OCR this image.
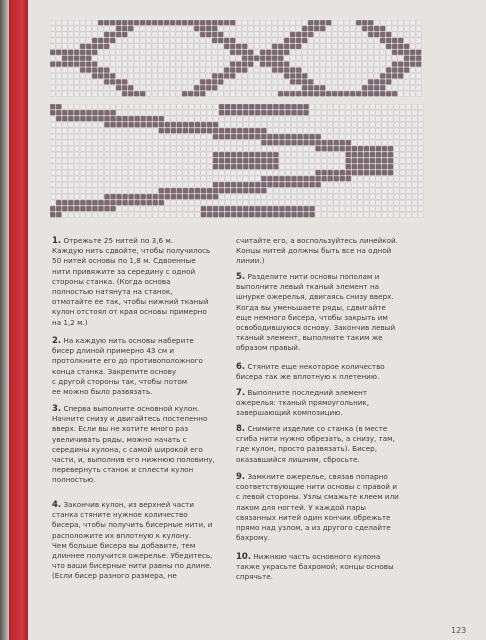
1. Отрежьте 25 нитей по 3,6 м.
Каждую нить сдвойте, чтобы получилось
50 нитей основы по 1,8 м. Сдвоенные
нити привяжите за середину с одной
стороны станка. (Когда основа
полностью натянута на станок,
отмотайте ее так, чтобы нижний тканый
кулон отстоял от края основы примерно
на 1,2 м.)

2. На каждую нить основы наберите
бисер длиной примерно 43 см и
протолкните его до противоположного
конца станка. Закрепите основу
с другой стороны так, чтобы потом
ее можно было развязать.

3. Сперва выполните основной кулон.
Начните снизу и двигайтесь постепенно
вверх. Если вы не хотите много раз
увеличивать ряды, можно начать с
середины кулона, с самой широкой его
части, и, выполнив его нижнюю половину,
перевернуть станок и сплести кулон
полностью.

4. Закончив кулон, из верхней части
станка стяните нужное количество
бисера, чтобы получить бисерные нити, и
расположите их вплотную к кулону.
Чем больше бисера вы добавите, тем
длиннее получится ожерелье. Убедитесь,
что ваши бисерные нити равны по длине.
(Если бисер разного размера, не

считайте его, а воспользуйтесь линейкой.
Концы нитей должны быть все на одной
линии.)

5. Разделите нити основы пополам и
выполните левый тканый элемент на
шнурке ожерелья, двигаясь снизу вверх.
Когда вы уменьшаете ряды, сдвигайте
еще немного бисера, чтобы закрыть им
освободившуюся основу. Закончив левый
тканый элемент, выполните таким же
образом правый.

6. Стяните еще некоторое количество
бисера так же вплотную к плетению.

7. Выполните последний элемент
ожерелья: тканый прямоугольник,
завершающий композицию.

8. Снимите изделие со станка (в месте
сгиба нити нужно обрезать, а снизу, там,
где кулон, просто развязать). Бисер,
оказавшийся лишним, сбросьте.

9. Замкните ожерелье, связав попарно
соответствующие нити основы с правой и
с левой стороны. Узлы смажьте клеем или
лаком для ногтей. У каждой пары
связанных нитей один кончик обрежьте
прямо над узлом, а из другого сделайте
бахрому.

10. Нижнюю часть основного кулона
также украсьте бахромой; концы основы
спрячьте.

123
